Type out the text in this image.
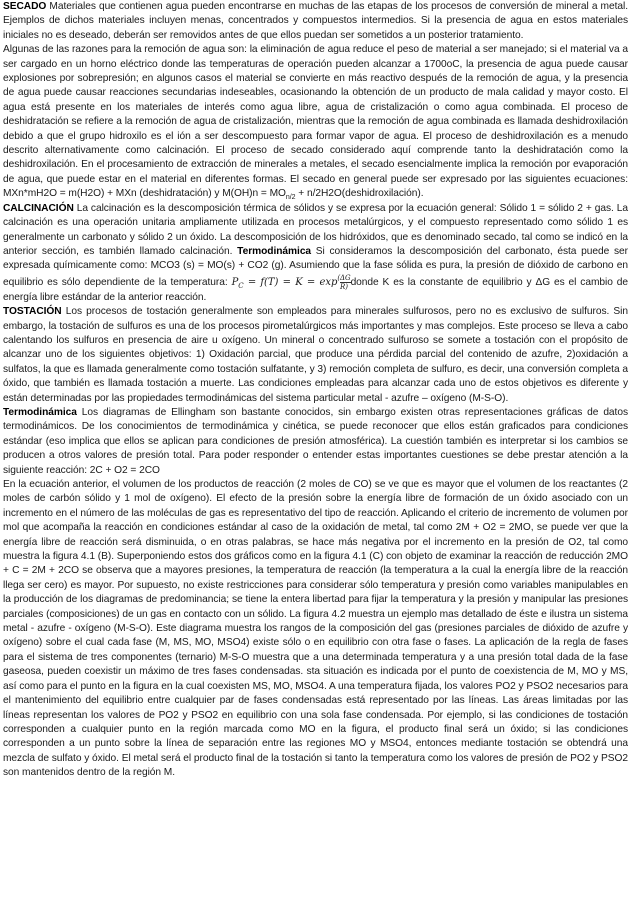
SECADO Materiales que contienen agua pueden encontrarse en muchas de las etapas de los procesos de conversión de mineral a metal. Ejemplos de dichos materiales incluyen menas, concentrados y compuestos intermedios. Si la presencia de agua en estos materiales iniciales no es deseado, deberán ser removidos antes de que ellos puedan ser sometidos a un posterior tratamiento.

Algunas de las razones para la remoción de agua son: la eliminación de agua reduce el peso de material a ser manejado; si el material va a ser cargado en un horno eléctrico donde las temperaturas de operación pueden alcanzar a 1700oC, la presencia de agua puede causar explosiones por sobrepresión; en algunos casos el material se convierte en más reactivo después de la remoción de agua, y la presencia de agua puede causar reacciones secundarias indeseables, ocasionando la obtención de un producto de mala calidad y mayor costo. El agua está presente en los materiales de interés como agua libre, agua de cristalización o como agua combinada. El proceso de deshidratación se refiere a la remoción de agua de cristalización, mientras que la remoción de agua combinada es llamada deshidroxilación debido a que el grupo hidroxilo es el ión a ser descompuesto para formar vapor de agua. El proceso de deshidroxilación es a menudo descrito alternativamente como calcinación. El proceso de secado considerado aquí comprende tanto la deshidratación como la deshidroxilación. En el procesamiento de extracción de minerales a metales, el secado esencialmente implica la remoción por evaporación de agua, que puede estar en el material en diferentes formas. El secado en general puede ser expresado por las siguientes ecuaciones: MXn*mH2O = m(H2O) + MXn (deshidratación) y $M(OH)n = MO_{n/2}$ + n/2H2O(deshidroxilación).

CALCINACIÓN La calcinación es la descomposición térmica de sólidos y se expresa por la ecuación general: Sólido 1 = sólido 2 + gas. La calcinación es una operación unitaria ampliamente utilizada en procesos metalúrgicos, y el compuesto representado como sólido 1 es generalmente un carbonato y sólido 2 un óxido. La descomposición de los hidróxidos, que es denominado secado, tal como se indicó en la anterior sección, es también llamado calcinación. Termodinámica Si consideramos la descomposición del carbonato, ésta puede ser expresada químicamente como: MCO3 (s) = MO(s) + CO2 (g). Asumiendo que la fase sólida es pura, la presión de dióxido de carbono en equilibrio es sólo dependiente de la temperatura: $P_C = f(T) = K = \exp(\Delta G$
R) donde K es la constante de equilibrio y ΔG es el cambio de energía libre estándar de la anterior reacción.

TOSTACIÓN Los procesos de tostación generalmente son empleados para minerales sulfurosos, pero no es exclusivo de sulfuros. Sin embargo, la tostación de sulfuros es una de los procesos pirometalúrgicos más importantes y mas complejos. Este proceso se lleva a cabo calentando los sulfuros en presencia de aire u oxígeno. Un mineral o concentrado sulfuroso se somete a tostación con el propósito de alcanzar uno de los siguientes objetivos: 1) Oxidación parcial, que produce una pérdida parcial del contenido de azufre, 2)oxidación a sulfatos, la que es llamada generalmente como tostación sulfatante, y 3) remoción completa de sulfuro, es decir, una conversión completa a óxido, que también es llamada tostación a muerte. Las condiciones empleadas para alcanzar cada uno de estos objetivos es diferente y están determinadas por las propiedades termodinámicas del sistema particular metal - azufre – oxígeno (M-S-O).

Termodinámica Los diagramas de Ellingham son bastante conocidos, sin embargo existen otras representaciones gráficas de datos termodinámicos. De los conocimientos de termodinámica y cinética, se puede reconocer que ellos están graficados para condiciones estándar (eso implica que ellos se aplican para condiciones de presión atmosférica). La cuestión también es interpretar si los cambios se producen a otros valores de presión total. Para poder responder o entender estas importantes cuestiones se debe prestar atención a la siguiente reacción: 2C + O2 = 2CO

En la ecuación anterior, el volumen de los productos de reacción (2 moles de CO) se ve que es mayor que el volumen de los reactantes (2 moles de carbón sólido y 1 mol de oxígeno). El efecto de la presión sobre la energía libre de formación de un óxido asociado con un incremento en el número de las moléculas de gas es representativo del tipo de reacción. Aplicando el criterio de incremento de volumen por mol que acompaña la reacción en condiciones estándar al caso de la oxidación de metal, tal como 2M + O2 = 2MO, se puede ver que la energía libre de reacción será disminuida, o en otras palabras, se hace más negativa por el incremento en la presión de O2, tal como muestra la figura 4.1 (B). Superponiendo estos dos gráficos como en la figura 4.1 (C) con objeto de examinar la reacción de reducción 2MO + C = 2M + 2CO se observa que a mayores presiones, la temperatura de reacción (la temperatura a la cual la energía libre de la reacción llega ser cero) es mayor. Por supuesto, no existe restricciones para considerar sólo temperatura y presión como variables manipulables en la producción de los diagramas de predominancia; se tiene la entera libertad para fijar la temperatura y la presión y manipular las presiones parciales (composiciones) de un gas en contacto con un sólido. La figura 4.2 muestra un ejemplo mas detallado de éste e ilustra un sistema metal - azufre - oxígeno (M-S-O). Este diagrama muestra los rangos de la composición del gas (presiones parciales de dióxido de azufre y oxígeno) sobre el cual cada fase (M, MS, MO, MSO4) existe sólo o en equilibrio con otra fase o fases. La aplicación de la regla de fases para el sistema de tres componentes (ternario) M-S-O muestra que a una determinada temperatura y a una presión total dada de la fase gaseosa, pueden coexistir un máximo de tres fases condensadas. sta situación es indicada por el punto de coexistencia de M, MO y MS, así como para el punto en la figura en la cual coexisten MS, MO, MSO4. A una temperatura fijada, los valores PO2 y PSO2 necesarios para el mantenimiento del equilibrio entre cualquier par de fases condensadas está representado por las líneas. Las áreas limitadas por las líneas representan los valores de PO2 y PSO2 en equilibrio con una sola fase condensada. Por ejemplo, si las condiciones de tostación corresponden a cualquier punto en la región marcada como MO en la figura, el producto final será un óxido; si las condiciones corresponden a un punto sobre la línea de separación entre las regiones MO y MSO4, entonces mediante tostación se obtendrá una mezcla de sulfato y óxido. El metal será el producto final de la tostación si tanto la temperatura como los valores de presión de PO2 y PSO2 son mantenidos dentro de la región M.
